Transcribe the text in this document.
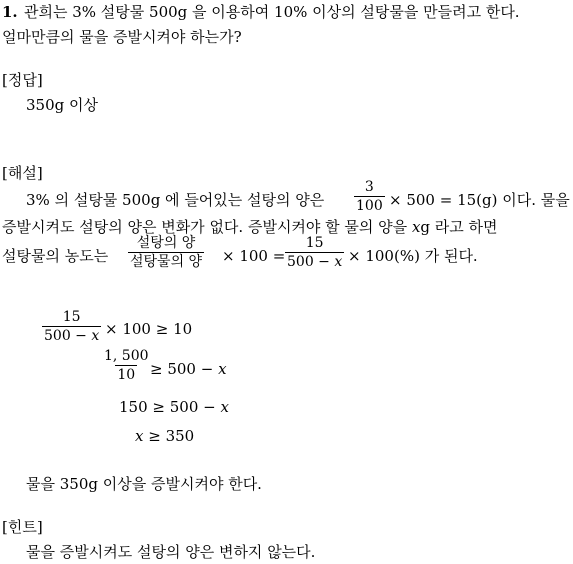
1. 관희는 3% 설탕물 500g 을 이용하여 10% 이상의 설탕물을 만들려고 한다.
얼마만큼의 물을 증발시켜야 하는가?
[정답]
350g 이상
[해설]
3% 의 설탕물 500g 에 들어있는 설탕의 양은 $\frac{3}{100} \times 500 = 15(g)$ 이다. 물을
증발시켜도 설탕의 양은 변화가 없다. 증발시켜야 할 물의 양을 xg 라고 하면
설탕물의 농도는
설탕의 양
설탕물의 양 × $100 = \frac{15}{500 - x} \times 100(\%)$ 가 된다.
$\frac{15}{500 - x} \times 100 \ge 10$
$\frac{1, 500}{10} \ge 500 - x$
150 ≥ 500 − x
x ≥ 350
물을 350g 이상을 증발시켜야 한다.
[힌트]
물을 증발시켜도 설탕의 양은 변하지 않는다.
